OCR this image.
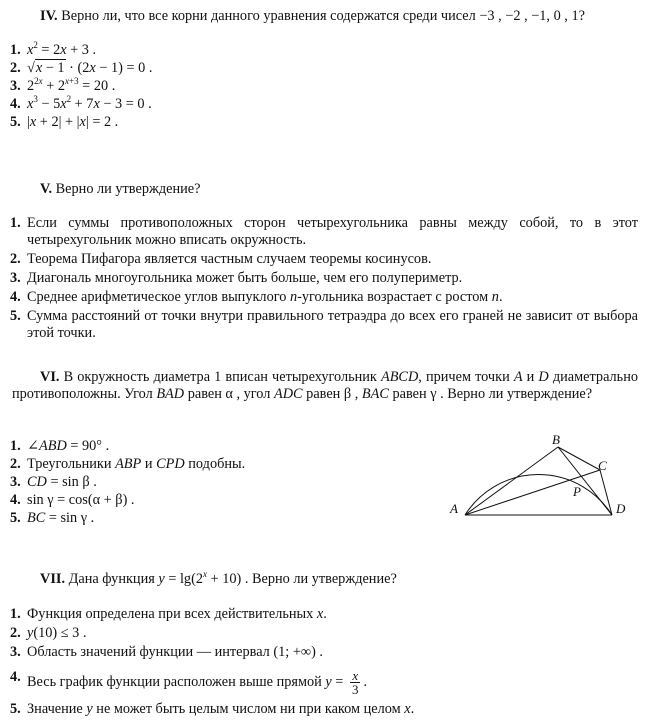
IV. Верно ли, что все корни данного уравнения содержатся среди чисел −3 , −2 , −1, 0 , 1?
1. $x^2 = 2x + 3$ .
2. √x − 1 · (2x − 1) = 0 .
3. $2^{2x} + 2^{x+3} = 20$ .
4. $x^3 - 5x^2 + 7x - 3 = 0$ .
5. |x + 2| + |x| = 2 .
V. Верно ли утверждение?
1. Если суммы противоположных сторон четырехугольника равны между собой, то в этот четырехугольник можно вписать окружность.
2. Теорема Пифагора является частным случаем теоремы косинусов.
3. Диагональ многоугольника может быть больше, чем его полупериметр.
4. Среднее арифметическое углов выпуклого n-угольника возрастает с ростом n.
5. Сумма расстояний от точки внутри правильного тетраэдра до всех его граней не зависит от выбора этой точки.
VI. В окружность диаметра 1 вписан четырехугольник ABCD, причем точки A и D диаметрально противоположны. Угол BAD равен α , угол ADC равен β , BAC равен γ . Верно ли утверждение?
1. ∠ABD = 90° .
2. Треугольники ABP и CPD подобны.
3. CD = sin β .
4. sin γ = cos(α + β) .
5. BC = sin γ .
A
B
C
D
P
VII. Дана функция $y = \lg(2^x + 10)$ . Верно ли утверждение?
1. Функция определена при всех действительных x.
2. y(10) ≤ 3 .
3. Область значений функции — интервал (1; +∞) .
4. Весь график функции расположен выше прямой $y = \frac{x}{3}$ .
5. Значение y не может быть целым числом ни при каком целом x.
